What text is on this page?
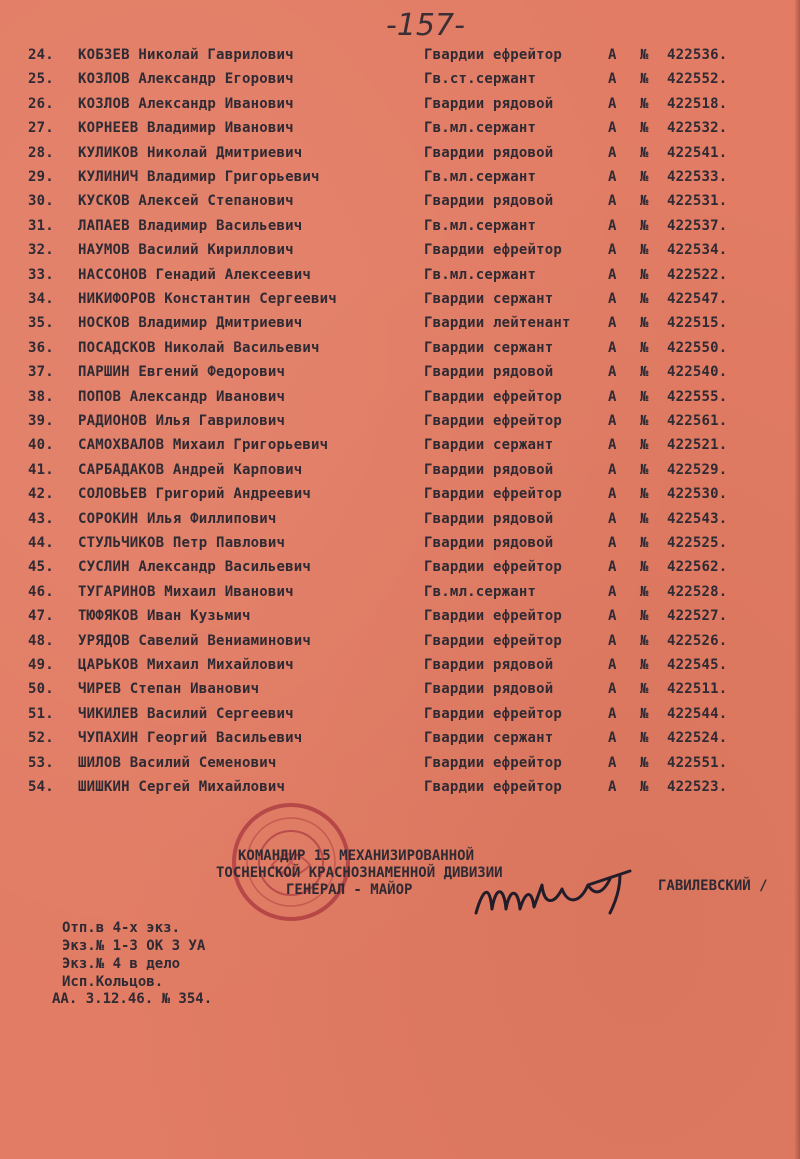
-157-
24.	КОБЗЕВ Николай Гаврилович	Гвардии ефрейтор	А № 422536.
25.	КОЗЛОВ Александр Егорович	Гв.ст.сержант	А № 422552.
26.	КОЗЛОВ Александр Иванович	Гвардии рядовой	А № 422518.
27.	КОРНЕЕВ Владимир Иванович	Гв.мл.сержант	А № 422532.
28.	КУЛИКОВ Николай Дмитриевич	Гвардии рядовой	А № 422541.
29.	КУЛИНИЧ Владимир Григорьевич	Гв.мл.сержант	А № 422533.
30.	КУСКОВ Алексей Степанович	Гвардии рядовой	А № 422531.
31.	ЛАПАЕВ Владимир Васильевич	Гв.мл.сержант	А № 422537.
32.	НАУМОВ Василий Кириллович	Гвардии ефрейтор	А № 422534.
33.	НАССОНОВ Генадий Алексеевич	Гв.мл.сержант	А № 422522.
34.	НИКИФОРОВ Константин Сергеевич	Гвардии сержант	А № 422547.
35.	НОСКОВ Владимир Дмитриевич	Гвардии лейтенант	А № 422515.
36.	ПОСАДСКОВ Николай Васильевич	Гвардии сержант	А № 422550.
37.	ПАРШИН Евгений Федорович	Гвардии рядовой	А № 422540.
38.	ПОПОВ Александр Иванович	Гвардии ефрейтор	А № 422555.
39.	РАДИОНОВ Илья Гаврилович	Гвардии ефрейтор	А № 422561.
40.	САМОХВАЛОВ Михаил Григорьевич	Гвардии сержант	А № 422521.
41.	САРБАДАКОВ Андрей Карпович	Гвардии рядовой	А № 422529.
42.	СОЛОВЬЕВ Григорий Андреевич	Гвардии ефрейтор	А № 422530.
43.	СОРОКИН Илья Филлипович	Гвардии рядовой	А № 422543.
44.	СТУЛЬЧИКОВ Петр Павлович	Гвардии рядовой	А № 422525.
45.	СУСЛИН Александр Васильевич	Гвардии ефрейтор	А № 422562.
46.	ТУГАРИНОВ Михаил Иванович	Гв.мл.сержант	А № 422528.
47.	ТЮФЯКОВ Иван Кузьмич	Гвардии ефрейтор	А № 422527.
48.	УРЯДОВ Савелий Вениаминович	Гвардии ефрейтор	А № 422526.
49.	ЦАРЬКОВ Михаил Михайлович	Гвардии рядовой	А № 422545.
50.	ЧИРЕВ Степан Иванович	Гвардии рядовой	А № 422511.
51.	ЧИКИЛЕВ Василий Сергеевич	Гвардии ефрейтор	А № 422544.
52.	ЧУПАХИН Георгий Васильевич	Гвардии сержант	А № 422524.
53.	ШИЛОВ Василий Семенович	Гвардии ефрейтор	А № 422551.
54.	ШИШКИН Сергей Михайлович	Гвардии ефрейтор	А № 422523.
КОМАНДИР 15 МЕХАНИЗИРОВАННОЙ
ТОСНЕНСКОЙ КРАСНОЗНАМЕННОЙ ДИВИЗИИ
ГЕНЕРАЛ - МАЙОР	ГАВИЛЕВСКИЙ /
Отп.в 4-х экз.
Экз.№ 1-3 ОК 3 УА
Экз.№ 4 в дело
Исп.Кольцов.
АА. 3.12.46. № 354.
